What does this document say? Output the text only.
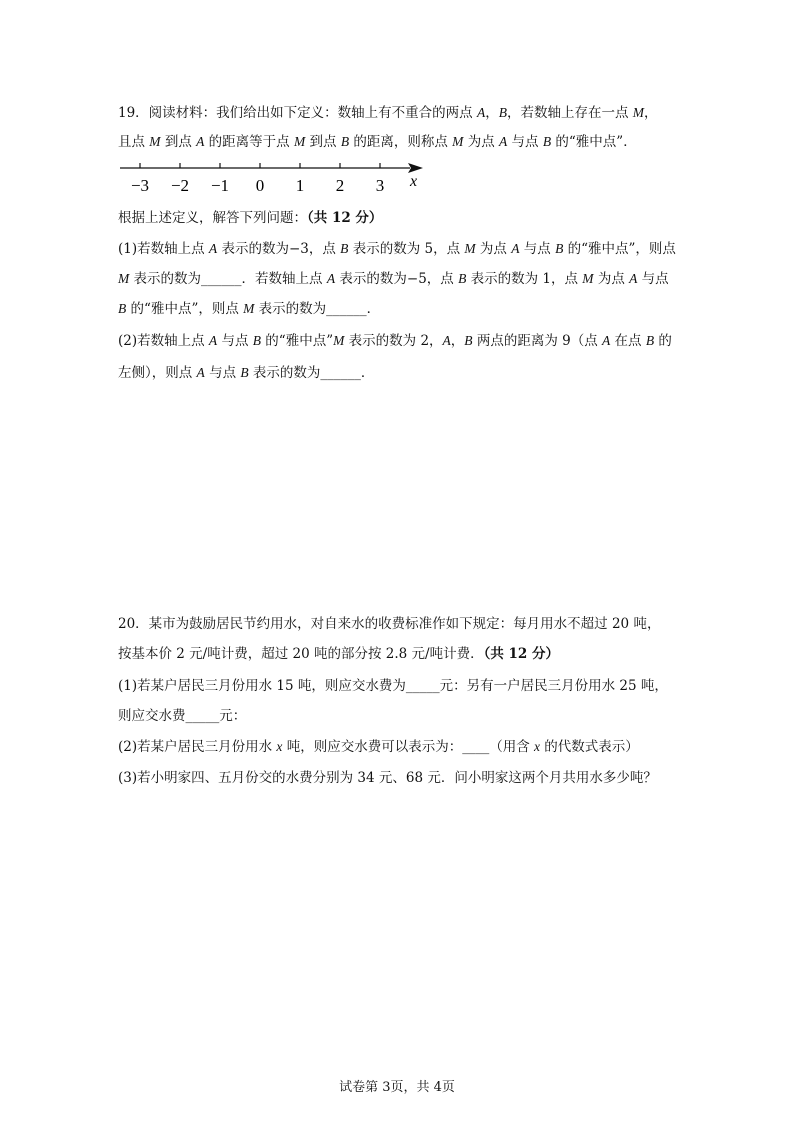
19．阅读材料：我们给出如下定义：数轴上有不重合的两点 A，B，若数轴上存在一点 M，
且点 M 到点 A 的距离等于点 M 到点 B 的距离，则称点 M 为点 A 与点 B 的“雅中点”．
−3 −2 −1 0 1 2 3 x
根据上述定义，解答下列问题：（共 12 分）
(1)若数轴上点 A 表示的数为−3，点 B 表示的数为 5，点 M 为点 A 与点 B 的“雅中点”，则点
M 表示的数为______．若数轴上点 A 表示的数为−5，点 B 表示的数为 1，点 M 为点 A 与点
B 的“雅中点”，则点 M 表示的数为______．
(2)若数轴上点 A 与点 B 的“雅中点”M 表示的数为 2，A，B 两点的距离为 9（点 A 在点 B 的
左侧），则点 A 与点 B 表示的数为______．
20．某市为鼓励居民节约用水，对自来水的收费标准作如下规定：每月用水不超过 20 吨，
按基本价 2 元/吨计费，超过 20 吨的部分按 2.8 元/吨计费．（共 12 分）
(1)若某户居民三月份用水 15 吨，则应交水费为_____元：另有一户居民三月份用水 25 吨，
则应交水费_____元：
(2)若某户居民三月份用水 x 吨，则应交水费可以表示为：____（用含 x 的代数式表示）
(3)若小明家四、五月份交的水费分别为 34 元、68 元．问小明家这两个月共用水多少吨？
试卷第 3页，共 4页
